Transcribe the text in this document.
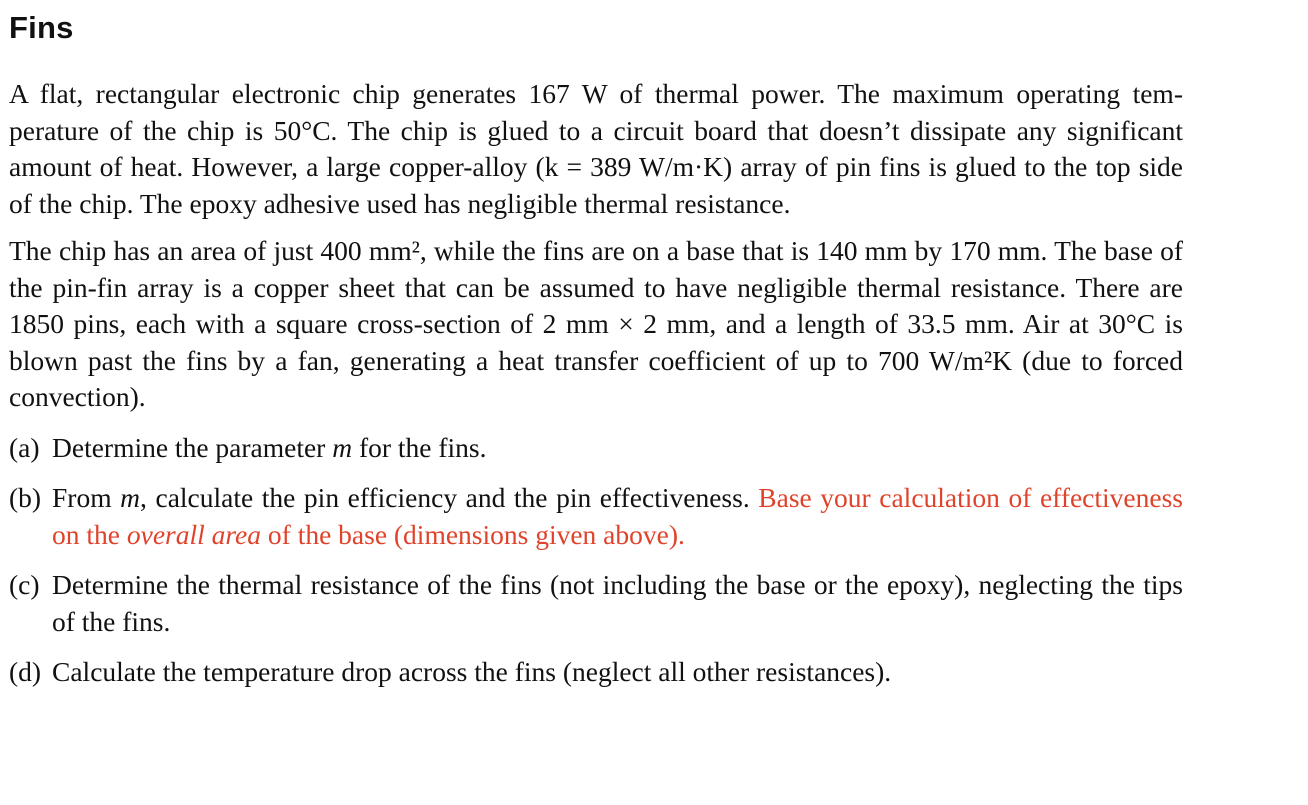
Fins

A flat, rectangular electronic chip generates 167 W of thermal power. The maximum operating temperature of the chip is 50°C. The chip is glued to a circuit board that doesn’t dissipate any significant amount of heat. However, a large copper-alloy (k = 389 W/m·K) array of pin fins is glued to the top side of the chip. The epoxy adhesive used has negligible thermal resistance.

The chip has an area of just 400 mm², while the fins are on a base that is 140 mm by 170 mm. The base of the pin-fin array is a copper sheet that can be assumed to have negligible thermal resistance. There are 1850 pins, each with a square cross-section of 2 mm × 2 mm, and a length of 33.5 mm. Air at 30°C is blown past the fins by a fan, generating a heat transfer coefficient of up to 700 W/m²K (due to forced convection).

(a) Determine the parameter m for the fins.
(b) From m, calculate the pin efficiency and the pin effectiveness. Base your calculation of effectiveness on the overall area of the base (dimensions given above).
(c) Determine the thermal resistance of the fins (not including the base or the epoxy), neglecting the tips of the fins.
(d) Calculate the temperature drop across the fins (neglect all other resistances).
